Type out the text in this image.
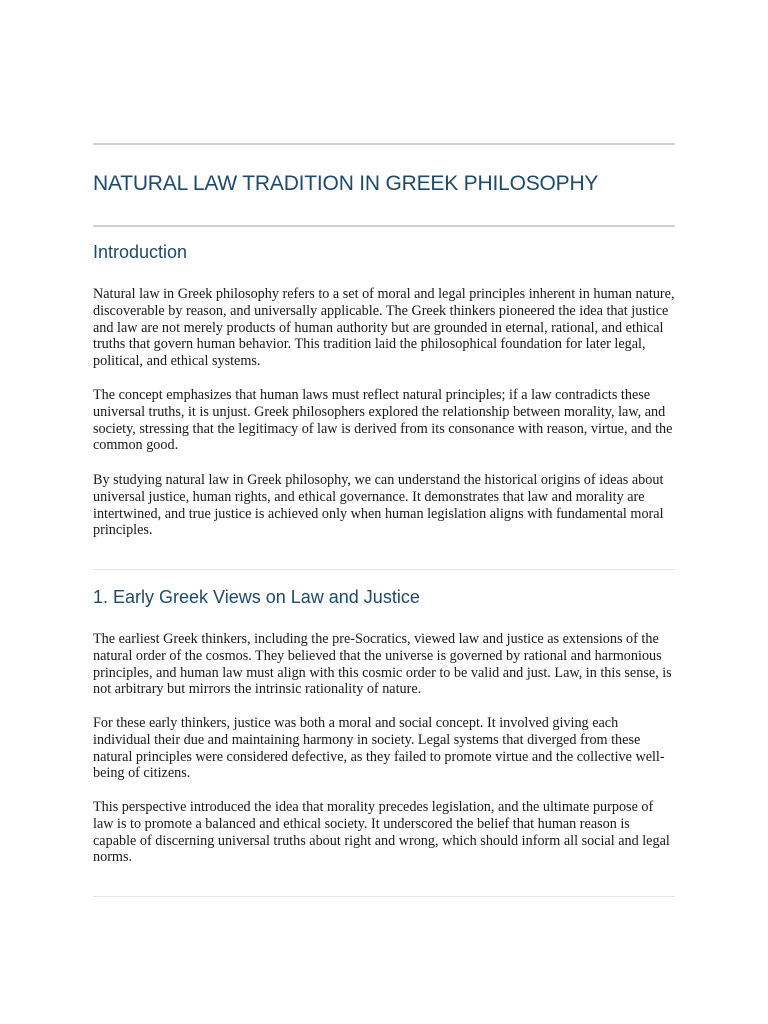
NATURAL LAW TRADITION IN GREEK PHILOSOPHY
Introduction

Natural law in Greek philosophy refers to a set of moral and legal principles inherent in human nature, discoverable by reason, and universally applicable. The Greek thinkers pioneered the idea that justice and law are not merely products of human authority but are grounded in eternal, rational, and ethical truths that govern human behavior. This tradition laid the philosophical foundation for later legal, political, and ethical systems.

The concept emphasizes that human laws must reflect natural principles; if a law contradicts these universal truths, it is unjust. Greek philosophers explored the relationship between morality, law, and society, stressing that the legitimacy of law is derived from its consonance with reason, virtue, and the common good.

By studying natural law in Greek philosophy, we can understand the historical origins of ideas about universal justice, human rights, and ethical governance. It demonstrates that law and morality are intertwined, and true justice is achieved only when human legislation aligns with fundamental moral principles.

1. Early Greek Views on Law and Justice

The earliest Greek thinkers, including the pre-Socratics, viewed law and justice as extensions of the natural order of the cosmos. They believed that the universe is governed by rational and harmonious principles, and human law must align with this cosmic order to be valid and just. Law, in this sense, is not arbitrary but mirrors the intrinsic rationality of nature.

For these early thinkers, justice was both a moral and social concept. It involved giving each individual their due and maintaining harmony in society. Legal systems that diverged from these natural principles were considered defective, as they failed to promote virtue and the collective well-being of citizens.

This perspective introduced the idea that morality precedes legislation, and the ultimate purpose of law is to promote a balanced and ethical society. It underscored the belief that human reason is capable of discerning universal truths about right and wrong, which should inform all social and legal norms.
